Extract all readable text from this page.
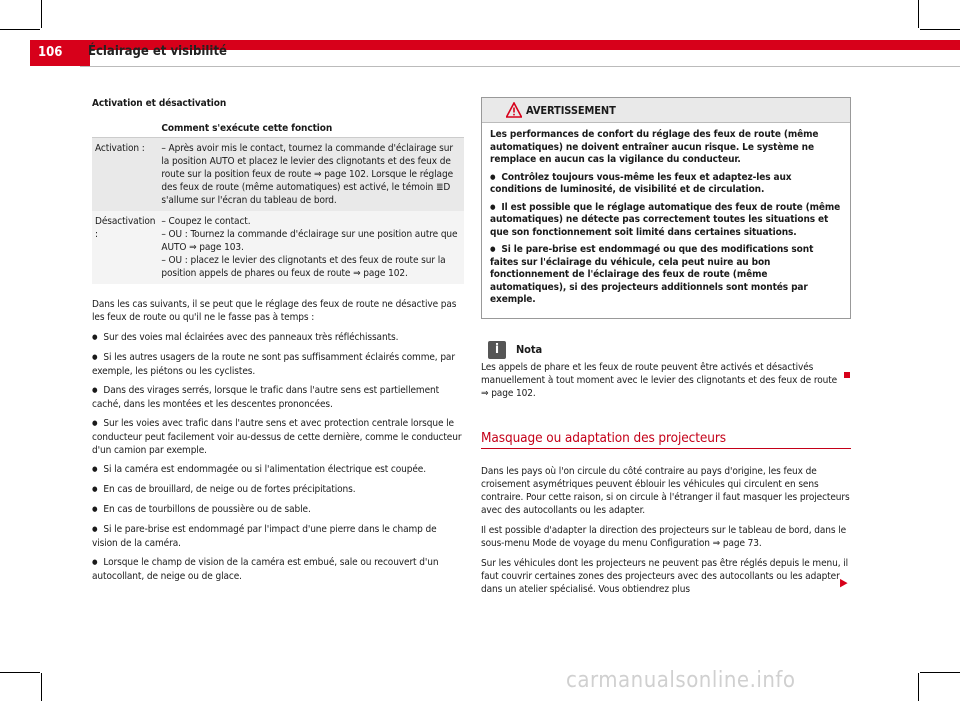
106	Éclairage et visibilité
Activation et désactivation
	Comment s'exécute cette fonction
Activation :	– Après avoir mis le contact, tournez la commande d'éclairage sur la position AUTO et placez le levier des clignotants et des feux de route sur la position feux de route ⇒ page 102. Lorsque le réglage des feux de route (même automatiques) est activé, le témoin ≣D s'allume sur l'écran du tableau de bord.
Désactivation :	– Coupez le contact.
– OU : Tournez la commande d'éclairage sur une position autre que AUTO ⇒ page 103.
– OU : placez le levier des clignotants et des feux de route sur la position appels de phares ou feux de route ⇒ page 102.

Dans les cas suivants, il se peut que le réglage des feux de route ne désactive pas les feux de route ou qu'il ne le fasse pas à temps :

● Sur des voies mal éclairées avec des panneaux très réfléchissants.
● Si les autres usagers de la route ne sont pas suffisamment éclairés comme, par exemple, les piétons ou les cyclistes.
● Dans des virages serrés, lorsque le trafic dans l'autre sens est partiellement caché, dans les montées et les descentes prononcées.
● Sur les voies avec trafic dans l'autre sens et avec protection centrale lorsque le conducteur peut facilement voir au-dessus de cette dernière, comme le conducteur d'un camion par exemple.
● Si la caméra est endommagée ou si l'alimentation électrique est coupée.
● En cas de brouillard, de neige ou de fortes précipitations.
● En cas de tourbillons de poussière ou de sable.
● Si le pare-brise est endommagé par l'impact d'une pierre dans le champ de vision de la caméra.
● Lorsque le champ de vision de la caméra est embué, sale ou recouvert d'un autocollant, de neige ou de glace.
AVERTISSEMENT

Les performances de confort du réglage des feux de route (même automatiques) ne doivent entraîner aucun risque. Le système ne remplace en aucun cas la vigilance du conducteur.

● Contrôlez toujours vous-même les feux et adaptez-les aux conditions de luminosité, de visibilité et de circulation.

● Il est possible que le réglage automatique des feux de route (même automatiques) ne détecte pas correctement toutes les situations et que son fonctionnement soit limité dans certaines situations.

● Si le pare-brise est endommagé ou que des modifications sont faites sur l'éclairage du véhicule, cela peut nuire au bon fonctionnement de l'éclairage des feux de route (même automatiques), si des projecteurs additionnels sont montés par exemple.

i	Nota

Les appels de phare et les feux de route peuvent être activés et désactivés manuellement à tout moment avec le levier des clignotants et des feux de route ⇒ page 102.

Masquage ou adaptation des projecteurs

Dans les pays où l'on circule du côté contraire au pays d'origine, les feux de croisement asymétriques peuvent éblouir les véhicules qui circulent en sens contraire. Pour cette raison, si on circule à l'étranger il faut masquer les projecteurs avec des autocollants ou les adapter.

Il est possible d'adapter la direction des projecteurs sur le tableau de bord, dans le sous-menu Mode de voyage du menu Configuration ⇒ page 73.

Sur les véhicules dont les projecteurs ne peuvent pas être réglés depuis le menu, il faut couvrir certaines zones des projecteurs avec des autocollants ou les adapter dans un atelier spécialisé. Vous obtiendrez plus	▶
carmanualsonline.info
